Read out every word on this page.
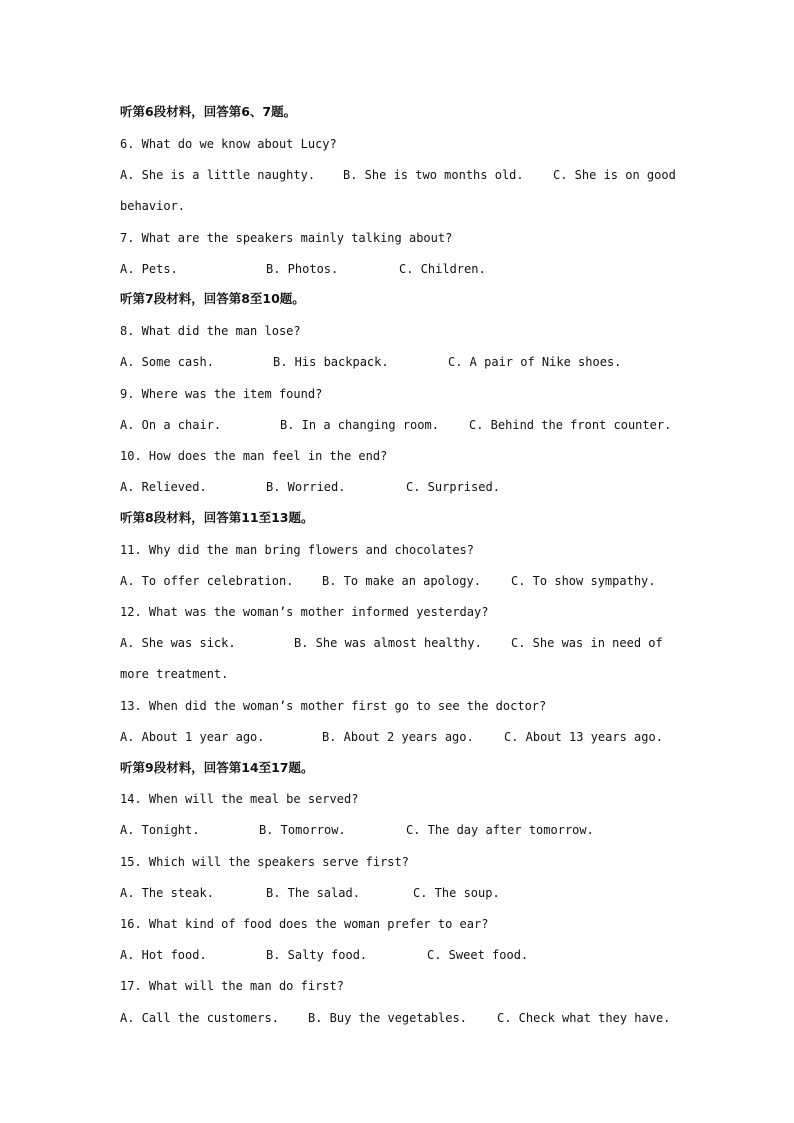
听第6段材料，回答第6、7题。
6. What do we know about Lucy?
A. She is a little naughty. B. She is two months old. C. She is on good
behavior.
7. What are the speakers mainly talking about?
A. Pets.	B. Photos.	C. Children.
听第7段材料，回答第8至10题。
8. What did the man lose?
A. Some cash.	B. His backpack.	C. A pair of Nike shoes.
9. Where was the item found?
A. On a chair.	B. In a changing room.	C. Behind the front counter.
10. How does the man feel in the end?
A. Relieved.	B. Worried.	C. Surprised.
听第8段材料，回答第11至13题。
11. Why did the man bring flowers and chocolates?
A. To offer celebration. B. To make an apology.	C. To show sympathy.
12. What was the woman’s mother informed yesterday?
A. She was sick.	B. She was almost healthy. C. She was in need of
more treatment.
13. When did the woman’s mother first go to see the doctor?
A. About 1 year ago.	B. About 2 years ago.	C. About 13 years ago.
听第9段材料，回答第14至17题。
14. When will the meal be served?
A. Tonight.	B. Tomorrow.	C. The day after tomorrow.
15. Which will the speakers serve first?
A. The steak.	B. The salad.	C. The soup.
16. What kind of food does the woman prefer to ear?
A. Hot food.	B. Salty food.	C. Sweet food.
17. What will the man do first?
A. Call the customers. B. Buy the vegetables.	C. Check what they have.
